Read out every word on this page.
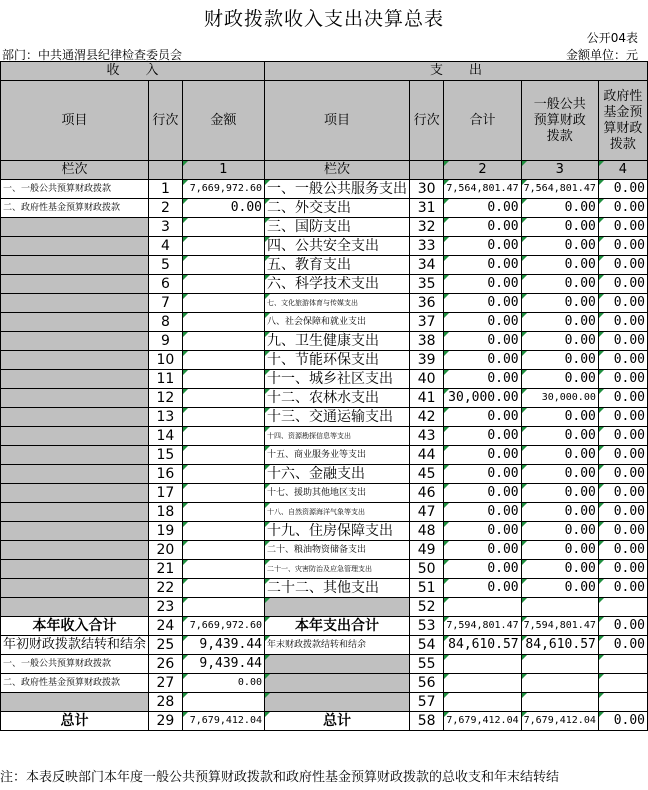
财政拨款收入支出决算总表
公开04表
部门：中共通渭县纪律检查委员会	金额单位：元
收　　入			支　　出				
项目	行次	金额	项目	行次	合计	一般公共预算财政拨款	政府性基金预算财政拨款
栏次		1	栏次		2	3	4
一、一般公共预算财政拨款	1	7,669,972.60	一、一般公共服务支出	30	7,564,801.47	7,564,801.47	0.00
二、政府性基金预算财政拨款	2	0.00	二、外交支出	31	0.00	0.00	0.00
	3		三、国防支出	32	0.00	0.00	0.00
	4		四、公共安全支出	33	0.00	0.00	0.00
	5		五、教育支出	34	0.00	0.00	0.00
	6		六、科学技术支出	35	0.00	0.00	0.00
	7		七、文化旅游体育与传媒支出	36	0.00	0.00	0.00
	8		八、社会保障和就业支出	37	0.00	0.00	0.00
	9		九、卫生健康支出	38	0.00	0.00	0.00
	10		十、节能环保支出	39	0.00	0.00	0.00
	11		十一、城乡社区支出	40	0.00	0.00	0.00
	12		十二、农林水支出	41	30,000.00	30,000.00	0.00
	13		十三、交通运输支出	42	0.00	0.00	0.00
	14		十四、资源勘探信息等支出	43	0.00	0.00	0.00
	15		十五、商业服务业等支出	44	0.00	0.00	0.00
	16		十六、金融支出	45	0.00	0.00	0.00
	17		十七、援助其他地区支出	46	0.00	0.00	0.00
	18		十八、自然资源海洋气象等支出	47	0.00	0.00	0.00
	19		十九、住房保障支出	48	0.00	0.00	0.00
	20		二十、粮油物资储备支出	49	0.00	0.00	0.00
	21		二十一、灾害防治及应急管理支出	50	0.00	0.00	0.00
	22		二十二、其他支出	51	0.00	0.00	0.00
	23			52			
本年收入合计	24	7,669,972.60	本年支出合计	53	7,594,801.47	7,594,801.47	0.00
年初财政拨款结转和结余	25	9,439.44	年末财政拨款结转和结余	54	84,610.57	84,610.57	0.00
一、一般公共预算财政拨款	26	9,439.44		55			
二、政府性基金预算财政拨款	27	0.00		56			
	28			57			
总计	29	7,679,412.04	总计	58	7,679,412.04	7,679,412.04	0.00
注：本表反映部门本年度一般公共预算财政拨款和政府性基金预算财政拨款的总收支和年末结转结
